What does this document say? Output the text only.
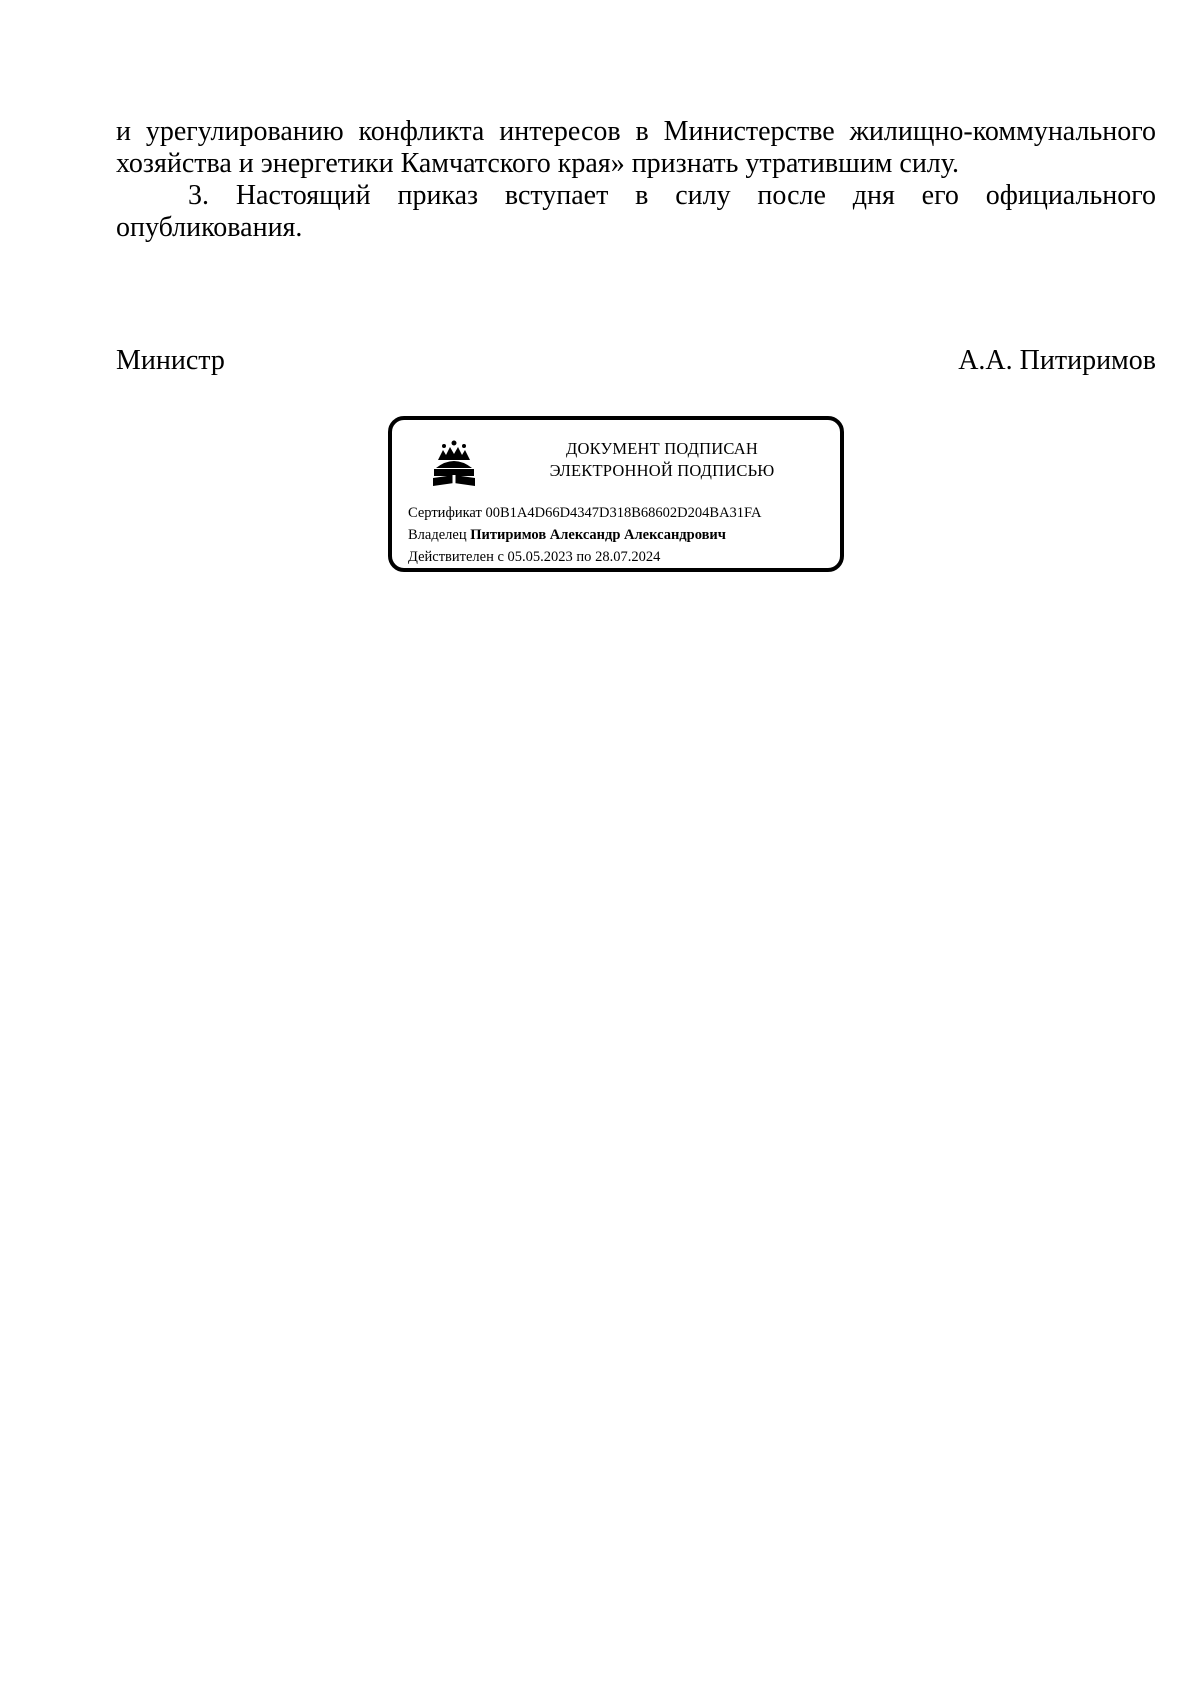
и урегулированию конфликта интересов в Министерстве жилищно-коммунального хозяйства и энергетики Камчатского края» признать утратившим силу.

3. Настоящий приказ вступает в силу после дня его официального опубликования.

Министр	А.А. Питиримов
ДОКУМЕНТ ПОДПИСАН
ЭЛЕКТРОННОЙ ПОДПИСЬЮ
Сертификат 00B1A4D66D4347D318B68602D204BA31FA
Владелец Питиримов Александр Александрович
Действителен с 05.05.2023 по 28.07.2024
